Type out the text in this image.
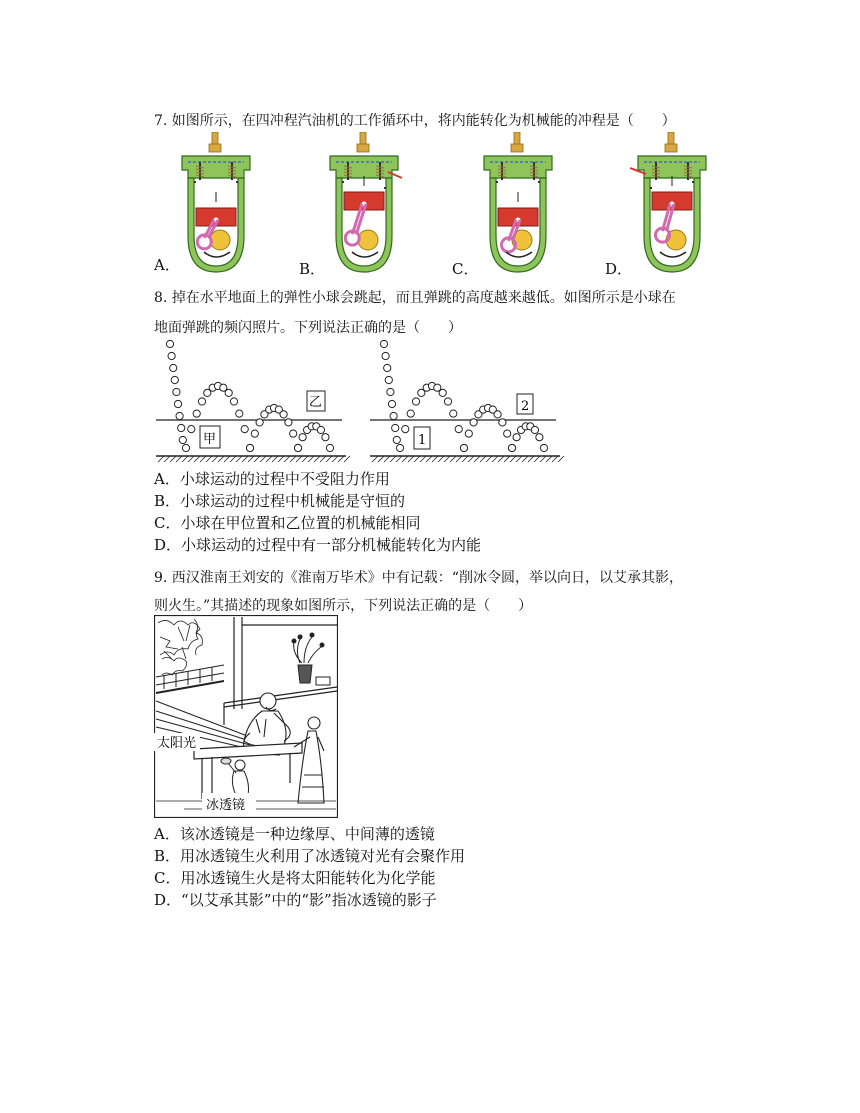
7. 如图所示，在四冲程汽油机的工作循环中，将内能转化为机械能的冲程是（　　）
A．	B．	C．	D．
8. 掉在水平地面上的弹性小球会跳起，而且弹跳的高度越来越低。如图所示是小球在
地面弹跳的频闪照片。下列说法正确的是（　　）
甲
乙
1
2
A．小球运动的过程中不受阻力作用
B．小球运动的过程中机械能是守恒的
C．小球在甲位置和乙位置的机械能相同
D．小球运动的过程中有一部分机械能转化为内能
9. 西汉淮南王刘安的《淮南万毕术》中有记载：“削冰令圆，举以向日，以艾承其影，
则火生。”其描述的现象如图所示，下列说法正确的是（　　）
太阳光
冰透镜
A．该冰透镜是一种边缘厚、中间薄的透镜
B．用冰透镜生火利用了冰透镜对光有会聚作用
C．用冰透镜生火是将太阳能转化为化学能
D．“以艾承其影”中的“影”指冰透镜的影子
